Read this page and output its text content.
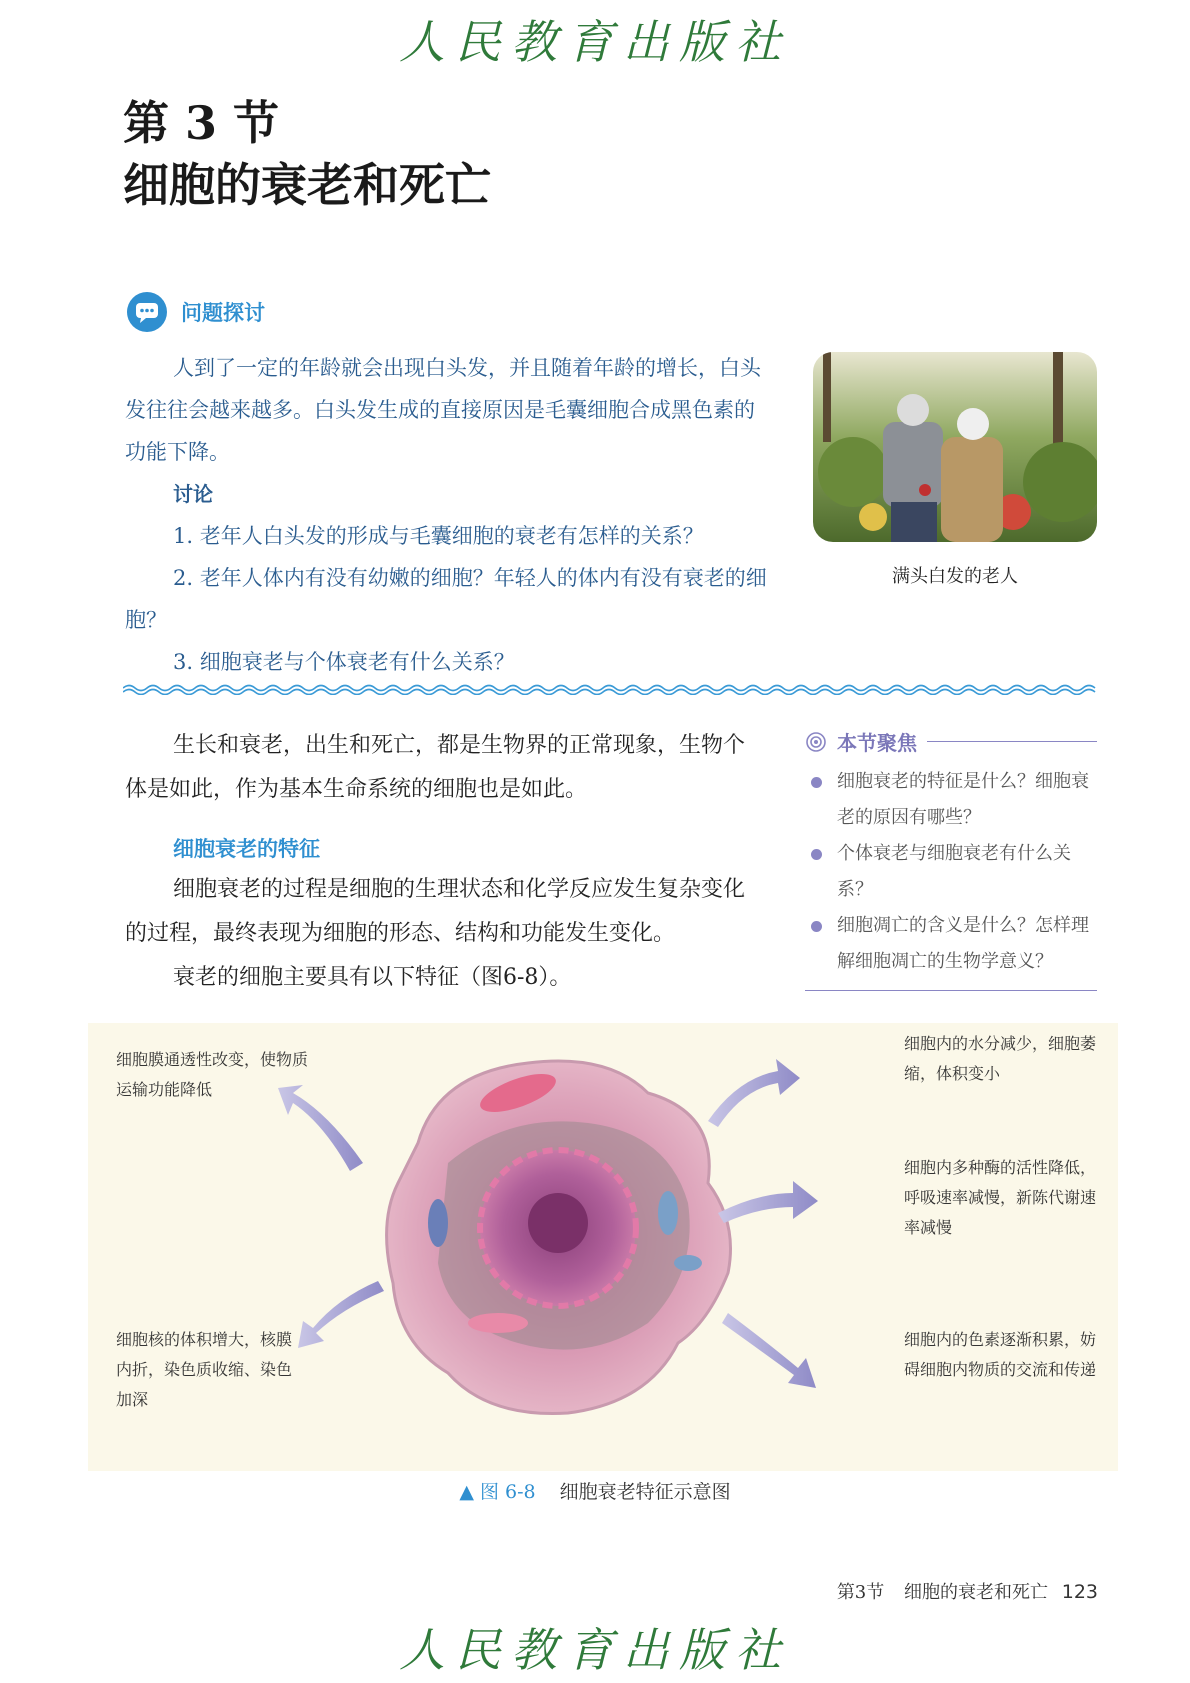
人民教育出版社
第 3 节
细胞的衰老和死亡
问题探讨

人到了一定的年龄就会出现白头发，并且随着年龄的增长，白头发往往会越来越多。白头发生成的直接原因是毛囊细胞合成黑色素的功能下降。

讨论
1. 老年人白头发的形成与毛囊细胞的衰老有怎样的关系？
2. 老年人体内有没有幼嫩的细胞？年轻人的体内有没有衰老的细胞？
3. 细胞衰老与个体衰老有什么关系？
满头白发的老人

生长和衰老，出生和死亡，都是生物界的正常现象，生物个体是如此，作为基本生命系统的细胞也是如此。

细胞衰老的特征

细胞衰老的过程是细胞的生理状态和化学反应发生复杂变化的过程，最终表现为细胞的形态、结构和功能发生变化。

衰老的细胞主要具有以下特征（图6-8）。

本节聚焦
细胞衰老的特征是什么？细胞衰老的原因有哪些？
个体衰老与细胞衰老有什么关系？
细胞凋亡的含义是什么？怎样理解细胞凋亡的生物学意义？
细胞膜通透性改变，使物质运输功能降低
细胞核的体积增大，核膜内折，染色质收缩、染色加深
细胞内的水分减少，细胞萎缩，体积变小
细胞内多种酶的活性降低，呼吸速率减慢，新陈代谢速率减慢
细胞内的色素逐渐积累，妨碍细胞内物质的交流和传递
▲ 图 6-8 细胞衰老特征示意图
第3节 细胞的衰老和死亡 123
人民教育出版社
